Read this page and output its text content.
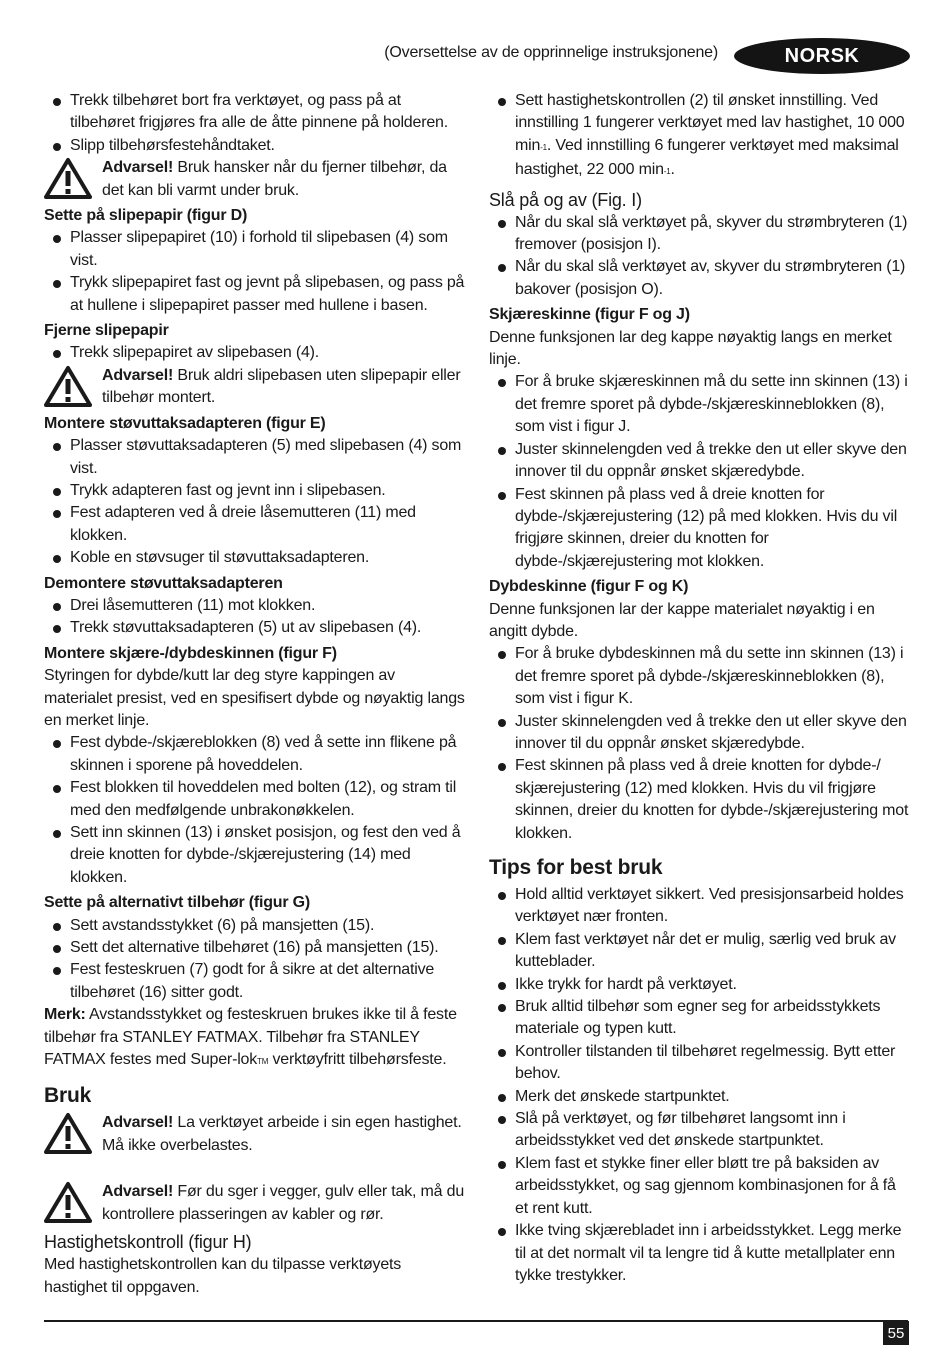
(Oversettelse av de opprinnelige instruksjonene)	NORSK
Trekk tilbehøret bort fra verktøyet, og pass på at tilbehøret frigjøres fra alle de åtte pinnene på holderen.
Slipp tilbehørsfestehåndtaket.
Advarsel! Bruk hansker når du fjerner tilbehør, da det kan bli varmt under bruk.

Sette på slipepapir (figur D)

Plasser slipepapiret (10) i forhold til slipebasen (4) som vist.
Trykk slipepapiret fast og jevnt på slipebasen, og pass på at hullene i slipepapiret passer med hullene i basen.

Fjerne slipepapir

Trekk slipepapiret av slipebasen (4).
Advarsel! Bruk aldri slipebasen uten slipepapir eller tilbehør montert.

Montere støvuttaksadapteren (figur E)

Plasser støvuttaksadapteren (5) med slipebasen (4) som vist.
Trykk adapteren fast og jevnt inn i slipebasen.
Fest adapteren ved å dreie låsemutteren (11) med klokken.
Koble en støvsuger til støvuttaksadapteren.

Demontere støvuttaksadapteren

Drei låsemutteren (11) mot klokken.
Trekk støvuttaksadapteren (5) ut av slipebasen (4).

Montere skjære-/dybdeskinnen (figur F)

Styringen for dybde/kutt lar deg styre kappingen av materialet presist, ved en spesifisert dybde og nøyaktig langs en merket linje.

Fest dybde-/skjæreblokken (8) ved å sette inn flikene på skinnen i sporene på hoveddelen.
Fest blokken til hoveddelen med bolten (12), og stram til med den medfølgende unbrakonøkkelen.
Sett inn skinnen (13) i ønsket posisjon, og fest den ved å dreie knotten for dybde-/skjærejustering (14) med klokken.

Sette på alternativt tilbehør (figur G)

Sett avstandsstykket (6) på mansjetten (15).
Sett det alternative tilbehøret (16) på mansjetten (15).
Fest festeskruen (7) godt for å sikre at det alternative tilbehøret (16) sitter godt.

Merk: Avstandsstykket og festeskruen brukes ikke til å feste tilbehør fra STANLEY FATMAX. Tilbehør fra STANLEY FATMAX festes med Super-lokTM verktøyfritt tilbehørsfeste.

Bruk

Advarsel! La verktøyet arbeide i sin egen hastighet. Må ikke overbelastes.
Advarsel! Før du sger i vegger, gulv eller tak, må du kontrollere plasseringen av kabler og rør.

Hastighetskontroll (figur H)

Med hastighetskontrollen kan du tilpasse verktøyets hastighet til oppgaven.

Sett hastighetskontrollen (2) til ønsket innstilling. Ved innstilling 1 fungerer verktøyet med lav hastighet, 10 000 min-1. Ved innstilling 6 fungerer verktøyet med maksimal hastighet, 22 000 min-1.

Slå på og av (Fig. I)

Når du skal slå verktøyet på, skyver du strømbryteren (1) fremover (posisjon I).
Når du skal slå verktøyet av, skyver du strømbryteren (1) bakover (posisjon O).

Skjæreskinne (figur F og J)

Denne funksjonen lar deg kappe nøyaktig langs en merket linje.

For å bruke skjæreskinnen må du sette inn skinnen (13) i det fremre sporet på dybde-/skjæreskinneblokken (8), som vist i figur J.
Juster skinnelengden ved å trekke den ut eller skyve den innover til du oppnår ønsket skjæredybde.
Fest skinnen på plass ved å dreie knotten for dybde-/skjærejustering (12) på med klokken. Hvis du vil frigjøre skinnen, dreier du knotten for dybde-/skjærejustering mot klokken.

Dybdeskinne (figur F og K)

Denne funksjonen lar der kappe materialet nøyaktig i en angitt dybde.

For å bruke dybdeskinnen må du sette inn skinnen (13) i det fremre sporet på dybde-/skjæreskinneblokken (8), som vist i figur K.
Juster skinnelengden ved å trekke den ut eller skyve den innover til du oppnår ønsket skjæredybde.
Fest skinnen på plass ved å dreie knotten for dybde-/ skjærejustering (12) med klokken. Hvis du vil frigjøre skinnen, dreier du knotten for dybde-/skjærejustering mot klokken.

Tips for best bruk

Hold alltid verktøyet sikkert. Ved presisjonsarbeid holdes verktøyet nær fronten.
Klem fast verktøyet når det er mulig, særlig ved bruk av kutteblader.
Ikke trykk for hardt på verktøyet.
Bruk alltid tilbehør som egner seg for arbeidsstykkets materiale og typen kutt.
Kontroller tilstanden til tilbehøret regelmessig. Bytt etter behov.
Merk det ønskede startpunktet.
Slå på verktøyet, og før tilbehøret langsomt inn i arbeidsstykket ved det ønskede startpunktet.
Klem fast et stykke finer eller bløtt tre på baksiden av arbeidsstykket, og sag gjennom kombinasjonen for å få et rent kutt.
Ikke tving skjærebladet inn i arbeidsstykket. Legg merke til at det normalt vil ta lengre tid å kutte metallplater enn tykke trestykker.
55
